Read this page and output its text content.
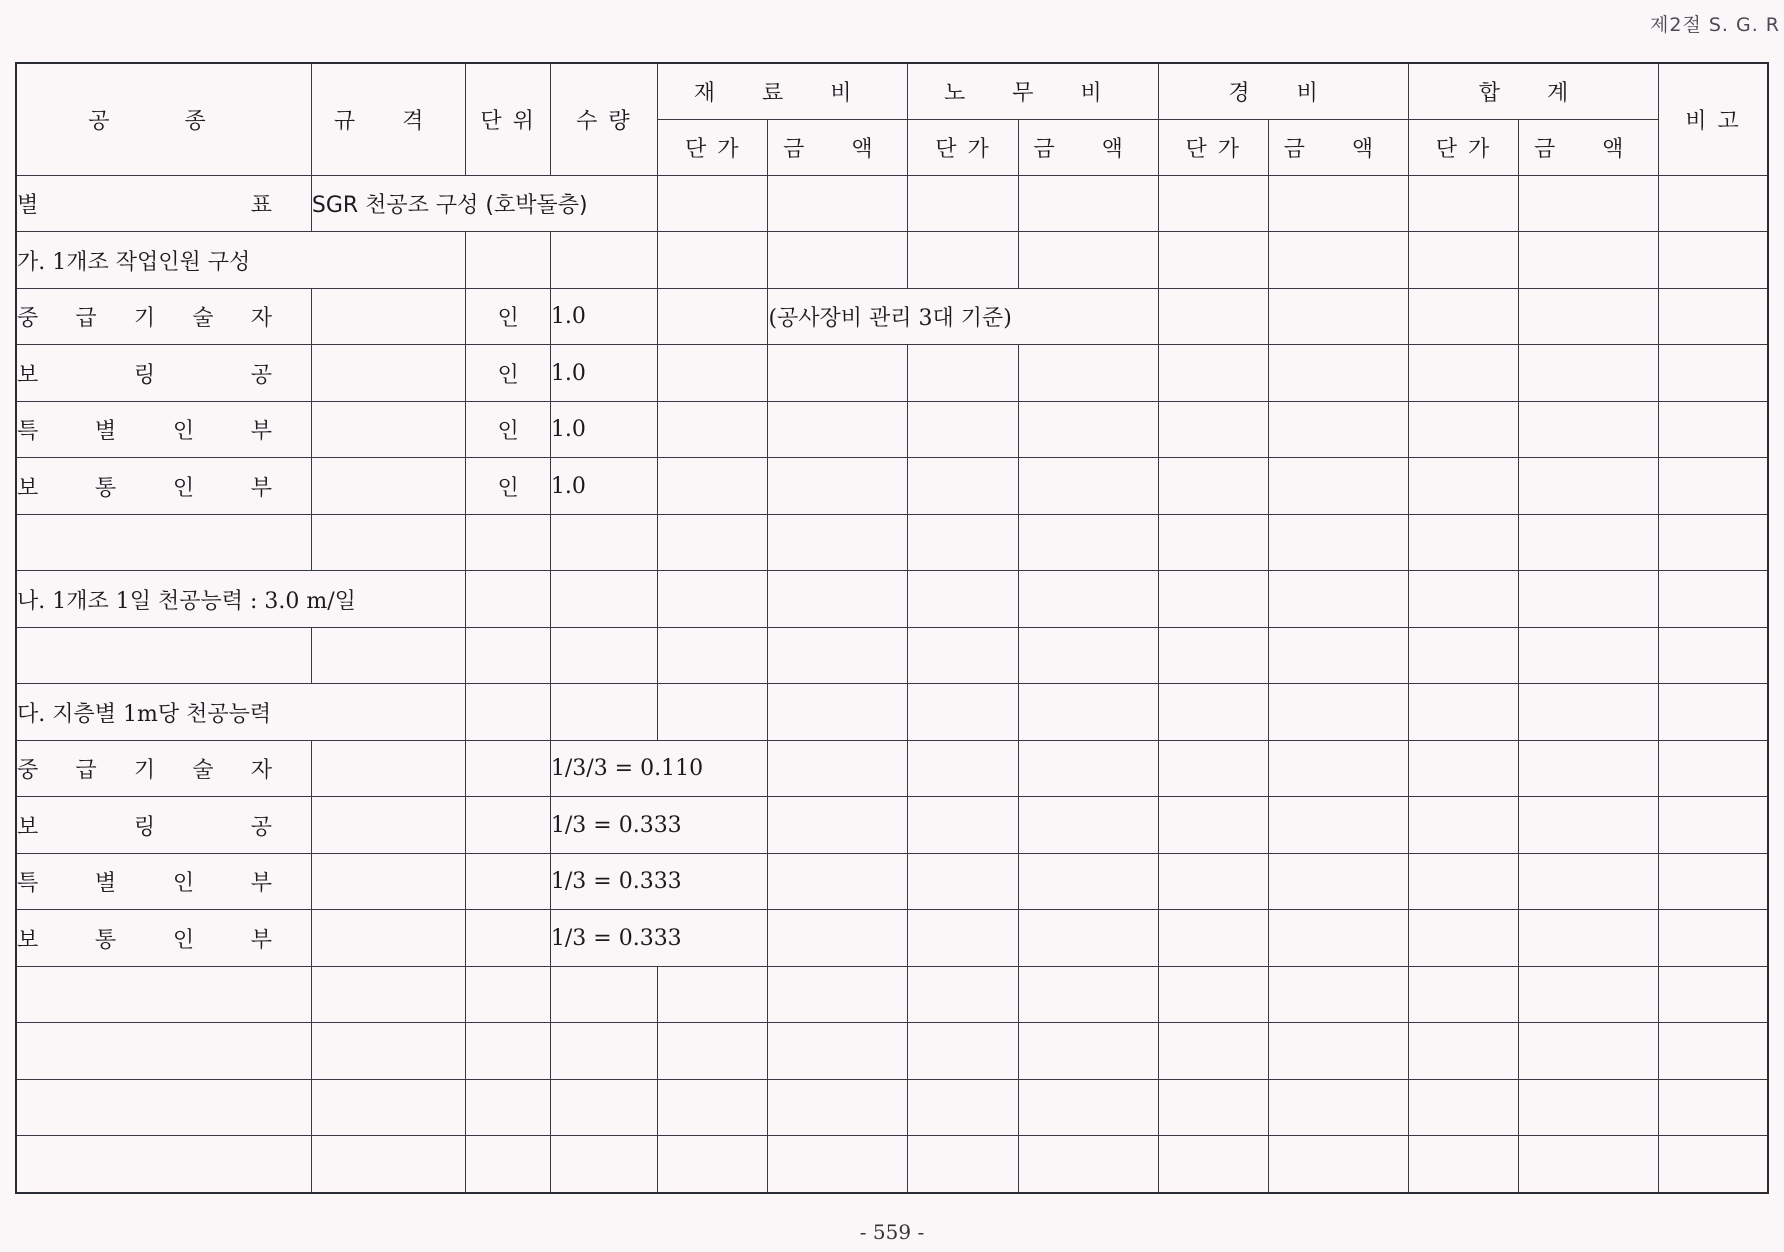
제2절 S. G. R
공 종	규 격	단 위	수 량	재 료 비		노 무 비		경 비		합 계		비 고
				단 가	금 액	단 가	금 액	단 가	금 액	단 가	금 액	

별 표	SGR 천공조 구성 (호박돌층)											
가. 1개조 작업인원 구성												

중 급 기 술 자		인	1.0		(공사장비 관리 3대 기준)							

보 링 공		인	1.0									

특 별 인 부		인	1.0									

보 통 인 부		인	1.0									

나. 1개조 1일 천공능력 : 3.0 m/일												

다. 지층별 1m당 천공능력												

중 급 기 술 자			1/3/3 = 0.110									

보 링 공			1/3 = 0.333									

특 별 인 부			1/3 = 0.333									

보 통 인 부			1/3 = 0.333									

- 559 -
